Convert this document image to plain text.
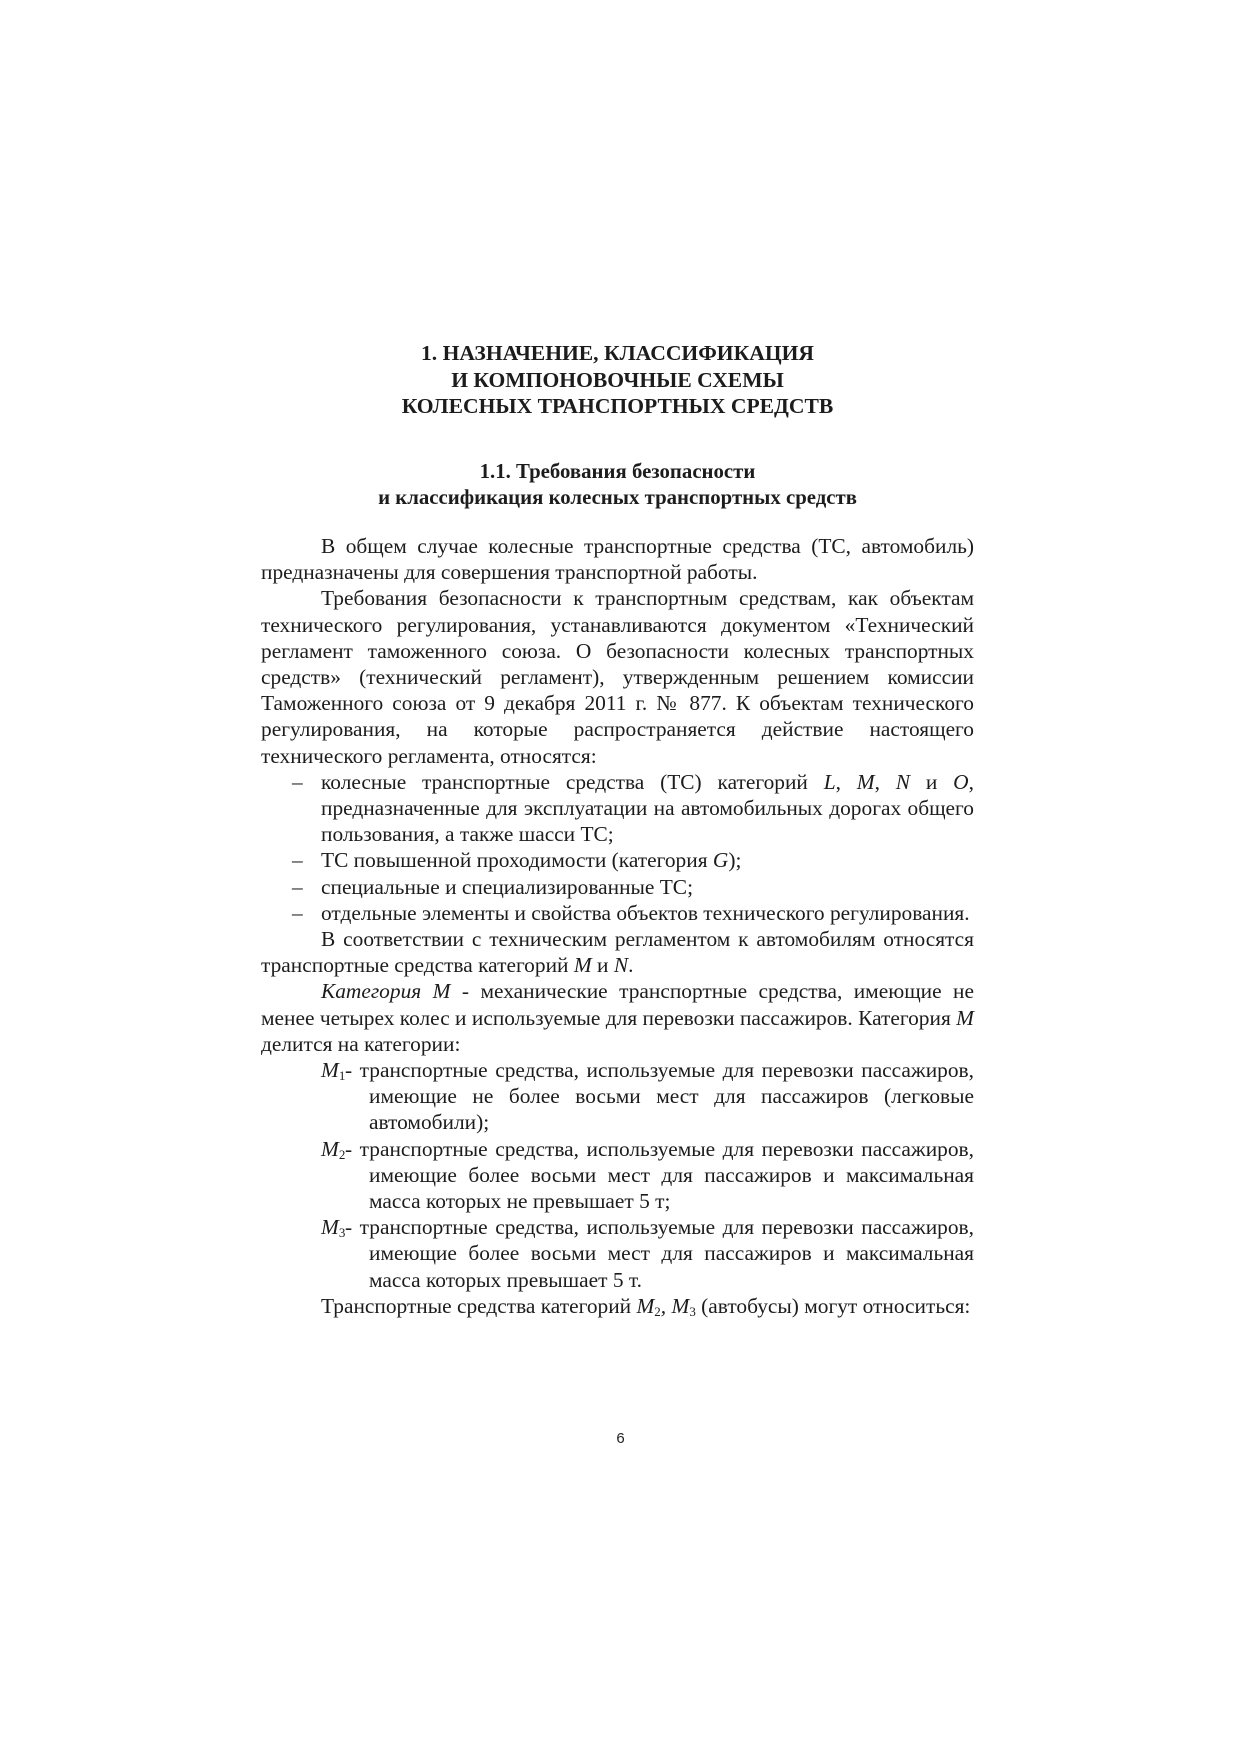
1. НАЗНАЧЕНИЕ, КЛАССИФИКАЦИЯ
И КОМПОНОВОЧНЫЕ СХЕМЫ
КОЛЕСНЫХ ТРАНСПОРТНЫХ СРЕДСТВ
1.1. Требования безопасности
и классификация колесных транспортных средств

В общем случае колесные транспортные средства (ТС, автомобиль) предназначены для совершения транспортной работы.

Требования безопасности к транспортным средствам, как объектам технического регулирования, устанавливаются документом «Технический регламент таможенного союза. О безопасности колесных транспортных средств» (технический регламент), утвержденным решением комиссии Таможенного союза от 9 декабря 2011 г. № 877. К объектам технического регулирования, на которые распространяется действие настоящего технического регламента, относятся:

– колесные транспортные средства (ТС) категорий L, M, N и O, предназначенные для эксплуатации на автомобильных дорогах общего пользования, а также шасси ТС;
– ТС повышенной проходимости (категория G);
– специальные и специализированные ТС;
– отдельные элементы и свойства объектов технического регулирования.

В соответствии с техническим регламентом к автомобилям относятся транспортные средства категорий M и N.

Категория М - механические транспортные средства, имеющие не менее четырех колес и используемые для перевозки пассажиров. Категория M делится на категории:

$M_1$ - транспортные средства, используемые для перевозки пассажиров, имеющие не более восьми мест для пассажиров (легковые автомобили);
$M_2$ - транспортные средства, используемые для перевозки пассажиров, имеющие более восьми мест для пассажиров и максимальная масса которых не превышает 5 т;
$M_3$ - транспортные средства, используемые для перевозки пассажиров, имеющие более восьми мест для пассажиров и максимальная масса которых превышает 5 т.

Транспортные средства категорий $M_2$, $M_3$ (автобусы) могут относиться:

6
